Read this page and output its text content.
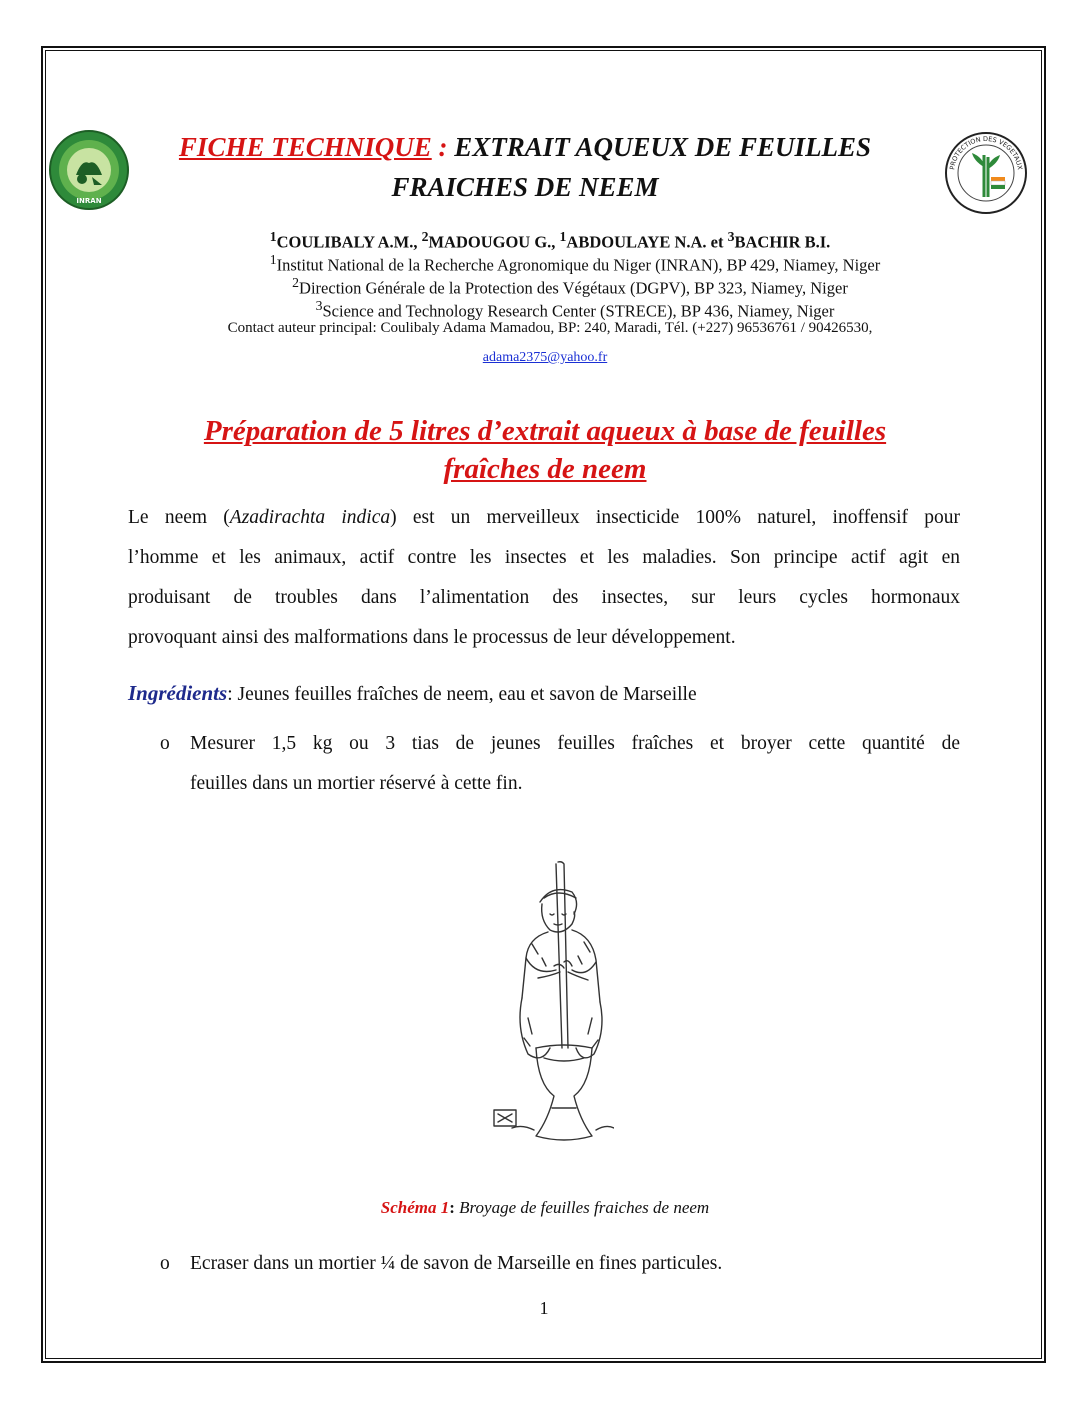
INRAN
PROTECTION DES VEGETAUX
FICHE TECHNIQUE : EXTRAIT AQUEUX DE FEUILLES
FRAICHES DE NEEM
$^1$COULIBALY A.M., $^2$MADOUGOU G., $^1$ABDOULAYE N.A. et $^3$BACHIR B.I.
$^1$Institut National de la Recherche Agronomique du Niger (INRAN), BP 429, Niamey, Niger
$^2$Direction Générale de la Protection des Végétaux (DGPV), BP 323, Niamey, Niger
$^3$Science and Technology Research Center (STRECE), BP 436, Niamey, Niger
Contact auteur principal: Coulibaly Adama Mamadou, BP: 240, Maradi, Tél. (+227) 96536761 / 90426530,
adama2375@yahoo.fr
Préparation de 5 litres d’extrait aqueux à base de feuilles
fraîches de neem
Le neem (Azadirachta indica) est un merveilleux insecticide 100% naturel, inoffensif pour
l’homme et les animaux, actif contre les insectes et les maladies. Son principe actif agit en
produisant de troubles dans l’alimentation des insectes, sur leurs cycles hormonaux
provoquant ainsi des malformations dans le processus de leur développement.
Ingrédients: Jeunes feuilles fraîches de neem, eau et savon de Marseille
o Mesurer 1,5 kg ou 3 tias de jeunes feuilles fraîches et broyer cette quantité de
feuilles dans un mortier réservé à cette fin.
Schéma 1: Broyage de feuilles fraiches de neem
o Ecraser dans un mortier ¼ de savon de Marseille en fines particules.
1
